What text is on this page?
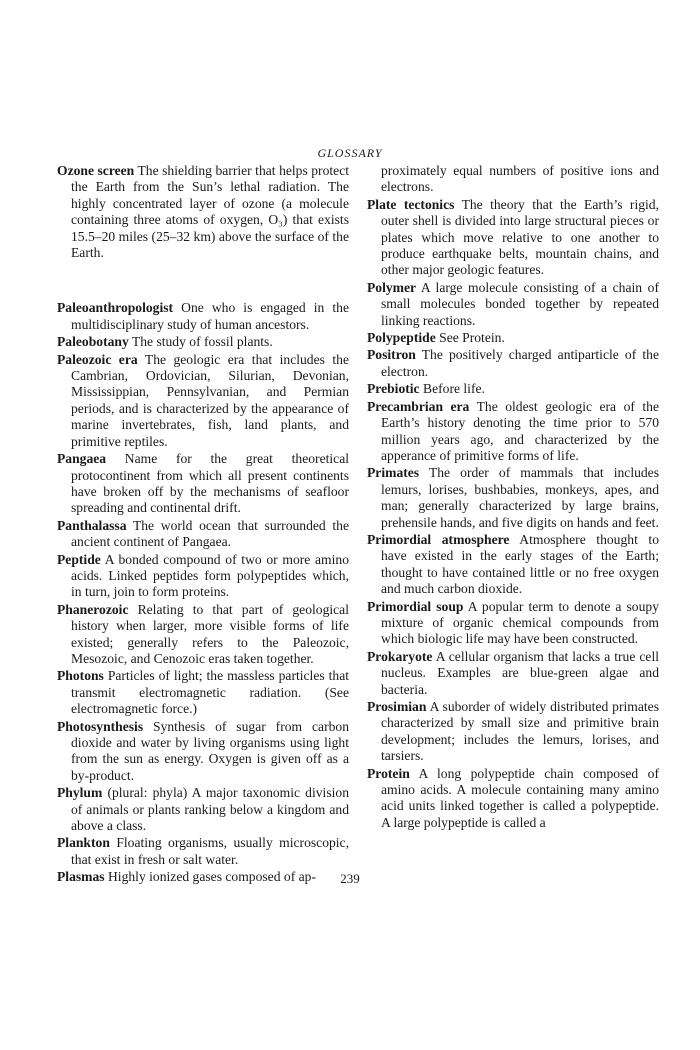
GLOSSARY

Ozone screen The shielding barrier that helps protect the Earth from the Sun’s lethal radiation. The highly concentrated layer of ozone (a molecule containing three atoms of oxygen, O₃) that exists 15.5–20 miles (25–32 km) above the surface of the Earth.

Paleoanthropologist One who is engaged in the multidisciplinary study of human ancestors.

Paleobotany The study of fossil plants.

Paleozoic era The geologic era that includes the Cambrian, Ordovician, Silurian, Devonian, Mississippian, Pennsylvanian, and Permian periods, and is characterized by the appearance of marine invertebrates, fish, land plants, and primitive reptiles.

Pangaea Name for the great theoretical protocontinent from which all present continents have broken off by the mechanisms of seafloor spreading and continental drift.

Panthalassa The world ocean that surrounded the ancient continent of Pangaea.

Peptide A bonded compound of two or more amino acids. Linked peptides form polypeptides which, in turn, join to form proteins.

Phanerozoic Relating to that part of geological history when larger, more visible forms of life existed; generally refers to the Paleozoic, Mesozoic, and Cenozoic eras taken together.

Photons Particles of light; the massless particles that transmit electromagnetic radiation. (See electromagnetic force.)

Photosynthesis Synthesis of sugar from carbon dioxide and water by living organisms using light from the sun as energy. Oxygen is given off as a by-product.

Phylum (plural: phyla) A major taxonomic division of animals or plants ranking below a kingdom and above a class.

Plankton Floating organisms, usually microscopic, that exist in fresh or salt water.

Plasmas Highly ionized gases composed of ap-

proximately equal numbers of positive ions and electrons.

Plate tectonics The theory that the Earth’s rigid, outer shell is divided into large structural pieces or plates which move relative to one another to produce earthquake belts, mountain chains, and other major geologic features.

Polymer A large molecule consisting of a chain of small molecules bonded together by repeated linking reactions.

Polypeptide See Protein.

Positron The positively charged antiparticle of the electron.

Prebiotic Before life.

Precambrian era The oldest geologic era of the Earth’s history denoting the time prior to 570 million years ago, and characterized by the apperance of primitive forms of life.

Primates The order of mammals that includes lemurs, lorises, bushbabies, monkeys, apes, and man; generally characterized by large brains, prehensile hands, and five digits on hands and feet.

Primordial atmosphere Atmosphere thought to have existed in the early stages of the Earth; thought to have contained little or no free oxygen and much carbon dioxide.

Primordial soup A popular term to denote a soupy mixture of organic chemical compounds from which biologic life may have been constructed.

Prokaryote A cellular organism that lacks a true cell nucleus. Examples are blue-green algae and bacteria.

Prosimian A suborder of widely distributed primates characterized by small size and primitive brain development; includes the lemurs, lorises, and tarsiers.

Protein A long polypeptide chain composed of amino acids. A molecule containing many amino acid units linked together is called a polypeptide. A large polypeptide is called a

239
